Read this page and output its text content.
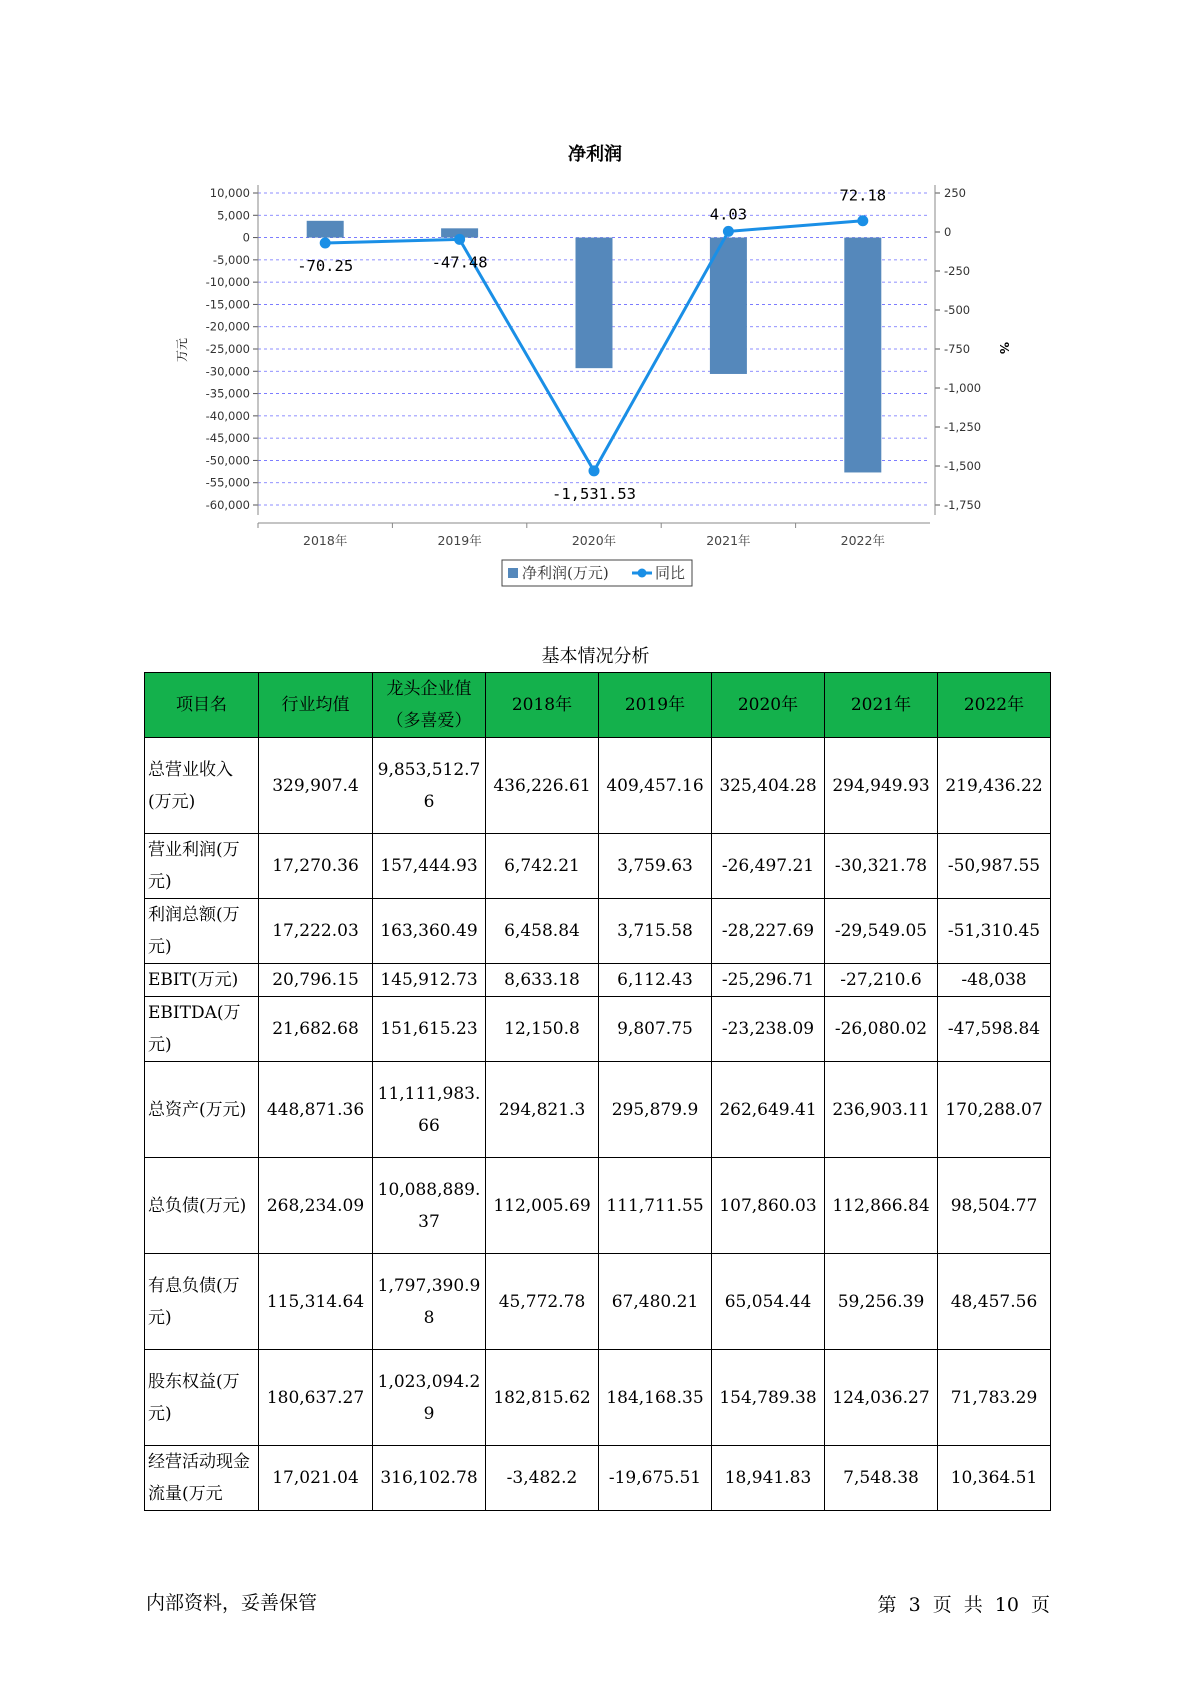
净利润
10,000
5,000
0
-5,000
-10,000
-15,000
-20,000
-25,000
-30,000
-35,000
-40,000
-45,000
-50,000
-55,000
-60,000
250
0
-250
-500
-750
-1,000
-1,250
-1,500
-1,750
万元	%
2018年	2019年	2020年	2021年	2022年
-70.25	-47.48
-1,531.53
4.03
72.18
净利润(万元)	同比
基本情况分析
项目名	行业均值	龙头企业值（多喜爱）	2018年	2019年	2020年	2021年	2022年
总营业收入(万元)	329,907.4	9,853,512.76	436,226.61	409,457.16	325,404.28	294,949.93	219,436.22
营业利润(万元)	17,270.36	157,444.93	6,742.21	3,759.63	-26,497.21	-30,321.78	-50,987.55
利润总额(万元)	17,222.03	163,360.49	6,458.84	3,715.58	-28,227.69	-29,549.05	-51,310.45
EBIT(万元)	20,796.15	145,912.73	8,633.18	6,112.43	-25,296.71	-27,210.6	-48,038
EBITDA(万元)	21,682.68	151,615.23	12,150.8	9,807.75	-23,238.09	-26,080.02	-47,598.84
总资产(万元)	448,871.36	11,111,983.66	294,821.3	295,879.9	262,649.41	236,903.11	170,288.07
总负债(万元)	268,234.09	10,088,889.37	112,005.69	111,711.55	107,860.03	112,866.84	98,504.77
有息负债(万元)	115,314.64	1,797,390.98	45,772.78	67,480.21	65,054.44	59,256.39	48,457.56
股东权益(万元)	180,637.27	1,023,094.29	182,815.62	184,168.35	154,789.38	124,036.27	71,783.29
经营活动现金流量(万元	17,021.04	316,102.78	-3,482.2	-19,675.51	18,941.83	7,548.38	10,364.51
内部资料，妥善保管	第 3 页 共 10 页
